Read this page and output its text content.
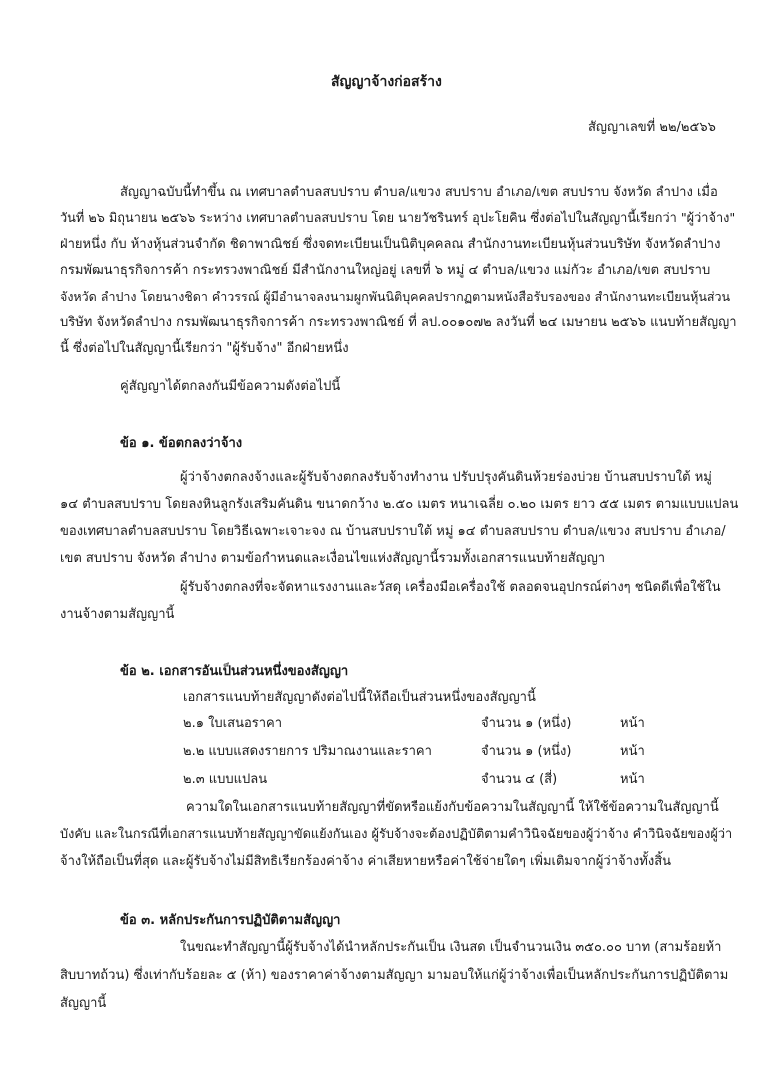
สัญญาจ้างก่อสร้าง
สัญญาเลขที่ ๒๒/๒๕๖๖
สัญญาฉบับนี้ทำขึ้น ณ เทศบาลตำบลสบปราบ ตำบล/แขวง สบปราบ อำเภอ/เขต สบปราบ จังหวัด ลำปาง เมื่อ
วันที่ ๒๖ มิถุนายน ๒๕๖๖ ระหว่าง เทศบาลตำบลสบปราบ โดย นายวัชรินทร์ อุปะโยคิน ซึ่งต่อไปในสัญญานี้เรียกว่า "ผู้ว่าจ้าง"
ฝ่ายหนึ่ง กับ ห้างหุ้นส่วนจำกัด ชิดาพาณิชย์ ซึ่งจดทะเบียนเป็นนิติบุคคลณ สำนักงานทะเบียนหุ้นส่วนบริษัท จังหวัดลำปาง
กรมพัฒนาธุรกิจการค้า กระทรวงพาณิชย์ มีสำนักงานใหญ่อยู่ เลขที่ ๖ หมู่ ๔ ตำบล/แขวง แม่กัวะ อำเภอ/เขต สบปราบ
จังหวัด ลำปาง โดยนางชิดา คำวรรณ์ ผู้มีอำนาจลงนามผูกพันนิติบุคคลปรากฏตามหนังสือรับรองของ สำนักงานทะเบียนหุ้นส่วน
บริษัท จังหวัดลำปาง กรมพัฒนาธุรกิจการค้า กระทรวงพาณิชย์ ที่ ลป.๐๐๑๐๗๒ ลงวันที่ ๒๔ เมษายน ๒๕๖๖ แนบท้ายสัญญา
นี้ ซึ่งต่อไปในสัญญานี้เรียกว่า "ผู้รับจ้าง" อีกฝ่ายหนึ่ง
คู่สัญญาได้ตกลงกันมีข้อความดังต่อไปนี้
ข้อ ๑. ข้อตกลงว่าจ้าง
ผู้ว่าจ้างตกลงจ้างและผู้รับจ้างตกลงรับจ้างทำงาน ปรับปรุงคันดินห้วยร่องบ่วย บ้านสบปราบใต้ หมู่
๑๔ ตำบลสบปราบ โดยลงหินลูกรังเสริมคันดิน ขนาดกว้าง ๒.๕๐ เมตร หนาเฉลี่ย ๐.๒๐ เมตร ยาว ๕๕ เมตร ตามแบบแปลน
ของเทศบาลตำบลสบปราบ โดยวิธีเฉพาะเจาะจง ณ บ้านสบปราบใต้ หมู่ ๑๔ ตำบลสบปราบ ตำบล/แขวง สบปราบ อำเภอ/
เขต สบปราบ จังหวัด ลำปาง ตามข้อกำหนดและเงื่อนไขแห่งสัญญานี้รวมทั้งเอกสารแนบท้ายสัญญา
ผู้รับจ้างตกลงที่จะจัดหาแรงงานและวัสดุ เครื่องมือเครื่องใช้ ตลอดจนอุปกรณ์ต่างๆ ชนิดดีเพื่อใช้ใน
งานจ้างตามสัญญานี้
ข้อ ๒. เอกสารอันเป็นส่วนหนึ่งของสัญญา
เอกสารแนบท้ายสัญญาดังต่อไปนี้ให้ถือเป็นส่วนหนึ่งของสัญญานี้
๒.๑ ใบเสนอราคา	จำนวน ๑ (หนึ่ง)	หน้า
๒.๒ แบบแสดงรายการ ปริมาณงานและราคา	จำนวน ๑ (หนึ่ง)	หน้า
๒.๓ แบบแปลน	จำนวน ๔ (สี่)	หน้า
ความใดในเอกสารแนบท้ายสัญญาที่ขัดหรือแย้งกับข้อความในสัญญานี้ ให้ใช้ข้อความในสัญญานี้
บังคับ และในกรณีที่เอกสารแนบท้ายสัญญาขัดแย้งกันเอง ผู้รับจ้างจะต้องปฏิบัติตามคำวินิจฉัยของผู้ว่าจ้าง คำวินิจฉัยของผู้ว่า
จ้างให้ถือเป็นที่สุด และผู้รับจ้างไม่มีสิทธิเรียกร้องค่าจ้าง ค่าเสียหายหรือค่าใช้จ่ายใดๆ เพิ่มเติมจากผู้ว่าจ้างทั้งสิ้น
ข้อ ๓. หลักประกันการปฏิบัติตามสัญญา
ในขณะทำสัญญานี้ผู้รับจ้างได้นำหลักประกันเป็น เงินสด เป็นจำนวนเงิน ๓๕๐.๐๐ บาท (สามร้อยห้า
สิบบาทถ้วน) ซึ่งเท่ากับร้อยละ ๕ (ห้า) ของราคาค่าจ้างตามสัญญา มามอบให้แก่ผู้ว่าจ้างเพื่อเป็นหลักประกันการปฏิบัติตาม
สัญญานี้
